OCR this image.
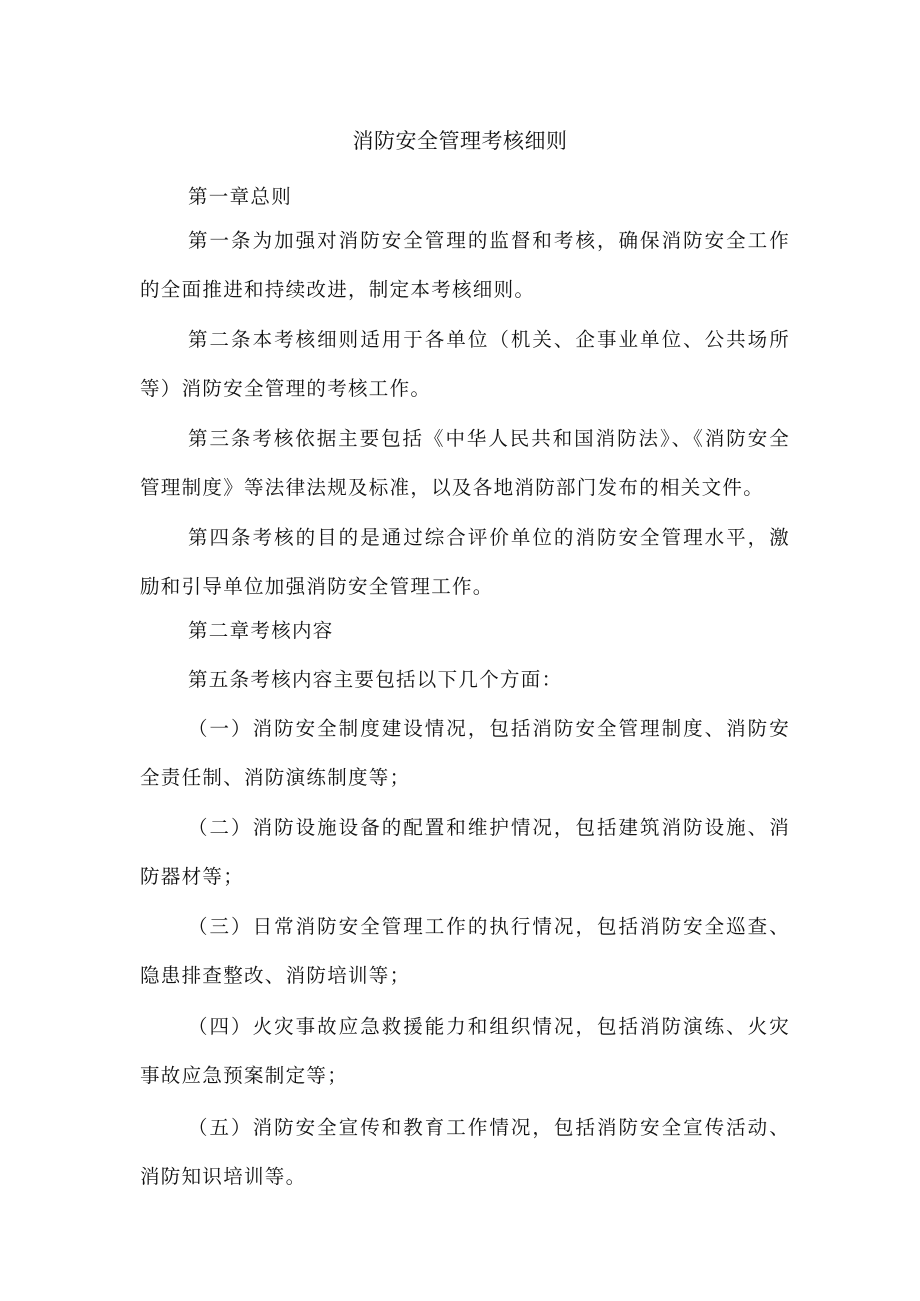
消防安全管理考核细则

第一章总则

第一条为加强对消防安全管理的监督和考核，确保消防安全工作的全面推进和持续改进，制定本考核细则。

第二条本考核细则适用于各单位（机关、企事业单位、公共场所等）消防安全管理的考核工作。

第三条考核依据主要包括《中华人民共和国消防法》、《消防安全管理制度》等法律法规及标准，以及各地消防部门发布的相关文件。

第四条考核的目的是通过综合评价单位的消防安全管理水平，激励和引导单位加强消防安全管理工作。

第二章考核内容

第五条考核内容主要包括以下几个方面：

（一）消防安全制度建设情况，包括消防安全管理制度、消防安全责任制、消防演练制度等；

（二）消防设施设备的配置和维护情况，包括建筑消防设施、消防器材等；

（三）日常消防安全管理工作的执行情况，包括消防安全巡查、隐患排查整改、消防培训等；

（四）火灾事故应急救援能力和组织情况，包括消防演练、火灾事故应急预案制定等；

（五）消防安全宣传和教育工作情况，包括消防安全宣传活动、消防知识培训等。
